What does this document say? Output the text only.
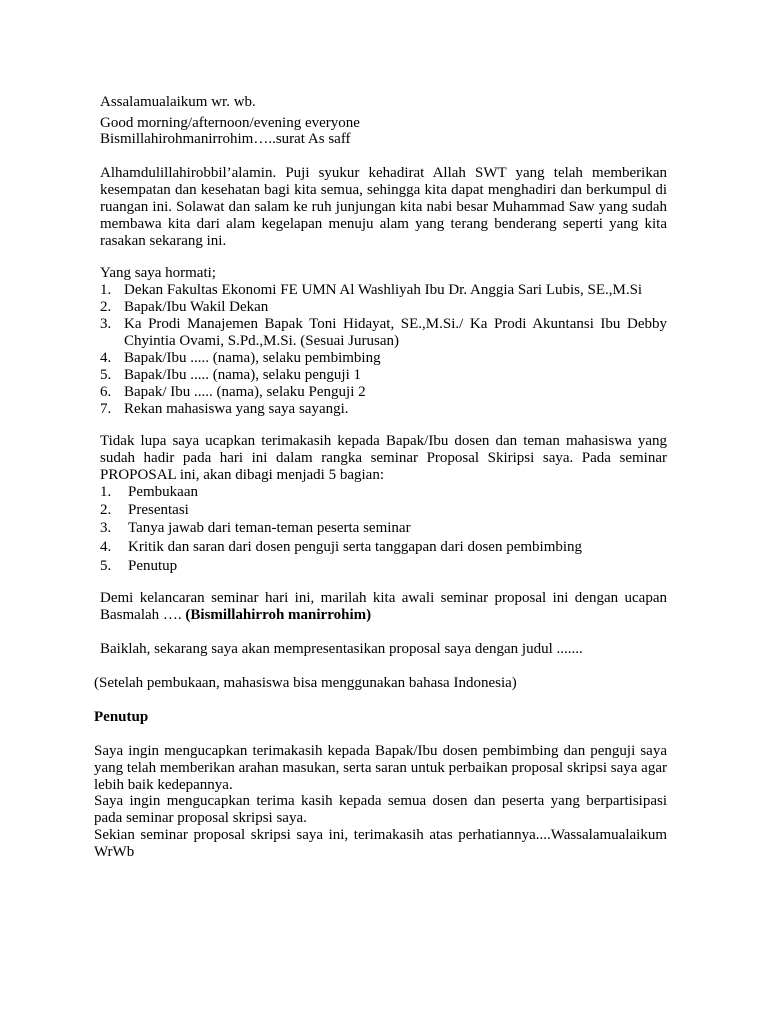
Assalamualaikum wr. wb.
Good morning/afternoon/evening everyone
Bismillahirohmanirrohim…..surat As saff
Alhamdulillahirobbil’alamin. Puji syukur kehadirat Allah SWT yang telah memberikan kesempatan dan kesehatan bagi kita semua, sehingga kita dapat menghadiri dan berkumpul di ruangan ini. Solawat dan salam ke ruh junjungan kita nabi besar Muhammad Saw yang sudah membawa kita dari alam kegelapan menuju alam yang terang benderang seperti yang kita rasakan sekarang ini.
Yang saya hormati;
1. Dekan Fakultas Ekonomi FE UMN Al Washliyah Ibu Dr. Anggia Sari Lubis, SE.,M.Si
2. Bapak/Ibu Wakil Dekan
3. Ka Prodi Manajemen Bapak Toni Hidayat, SE.,M.Si./ Ka Prodi Akuntansi Ibu Debby Chyintia Ovami, S.Pd.,M.Si. (Sesuai Jurusan)
4. Bapak/Ibu ..... (nama), selaku pembimbing
5. Bapak/Ibu ..... (nama), selaku penguji 1
6. Bapak/ Ibu ..... (nama), selaku Penguji 2
7. Rekan mahasiswa yang saya sayangi.
Tidak lupa saya ucapkan terimakasih kepada Bapak/Ibu dosen dan teman mahasiswa yang sudah hadir pada hari ini dalam rangka seminar Proposal Skiripsi saya. Pada seminar PROPOSAL ini, akan dibagi menjadi 5 bagian:
1. Pembukaan
2. Presentasi
3. Tanya jawab dari teman-teman peserta seminar
4. Kritik dan saran dari dosen penguji serta tanggapan dari dosen pembimbing
5. Penutup
Demi kelancaran seminar hari ini, marilah kita awali seminar proposal ini dengan ucapan Basmalah …. (Bismillahirroh manirrohim)
Baiklah, sekarang saya akan mempresentasikan proposal saya dengan judul .......
(Setelah pembukaan, mahasiswa bisa menggunakan bahasa Indonesia)
Penutup
Saya ingin mengucapkan terimakasih kepada Bapak/Ibu dosen pembimbing dan penguji saya yang telah memberikan arahan masukan, serta saran untuk perbaikan proposal skripsi saya agar lebih baik kedepannya.
Saya ingin mengucapkan terima kasih kepada semua dosen dan peserta yang berpartisipasi pada seminar proposal skripsi saya.
Sekian seminar proposal skripsi saya ini, terimakasih atas perhatiannya....Wassalamualaikum WrWb
